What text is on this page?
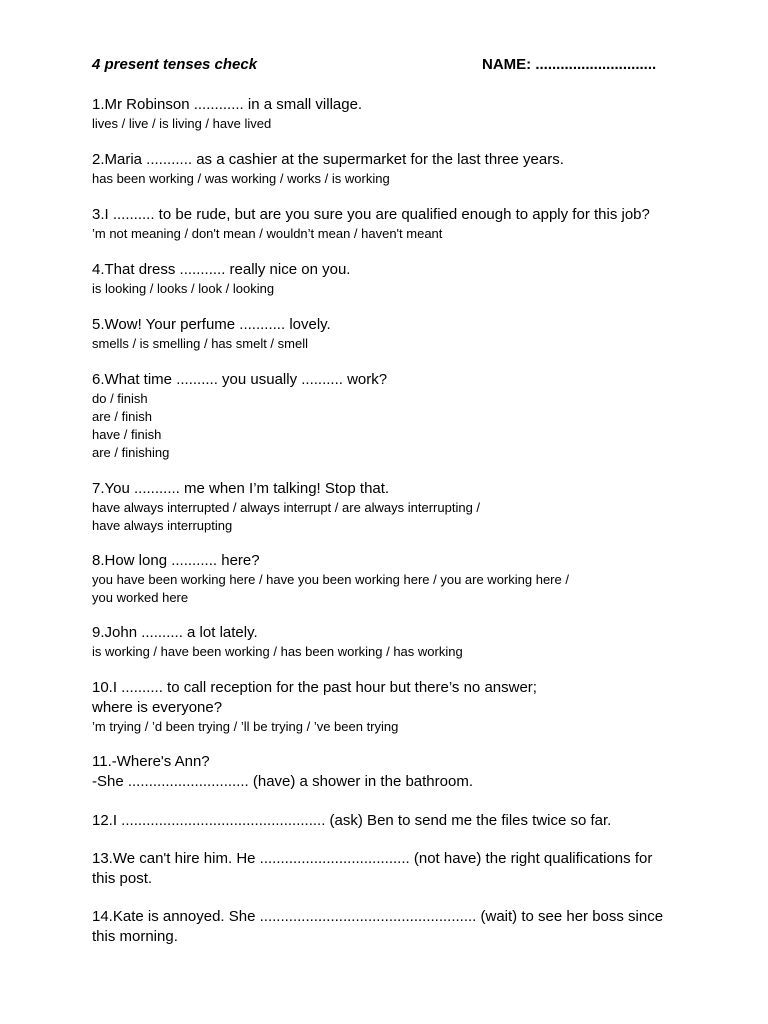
4 present tenses check	NAME: .............................
1.Mr Robinson ............ in a small village.
lives / live / is living / have lived
2.Maria ........... as a cashier at the supermarket for the last three years.
has been working / was working / works / is working
3.I .......... to be rude, but are you sure you are qualified enough to apply for this job?
’m not meaning / don't mean / wouldn’t mean / haven't meant
4.That dress ........... really nice on you.
is looking / looks / look / looking
5.Wow! Your perfume ........... lovely.
smells / is smelling / has smelt / smell
6.What time .......... you usually .......... work?
do / finish
are / finish
have / finish
are / finishing
7.You ........... me when I’m talking! Stop that.
have always interrupted / always interrupt / are always interrupting /
have always interrupting
8.How long ........... here?
you have been working here / have you been working here / you are working here /
you worked here
9.John .......... a lot lately.
is working / have been working / has been working / has working
10.I .......... to call reception for the past hour but there’s no answer;
where is everyone?
’m trying / ’d been trying / ’ll be trying / ’ve been trying
11.-Where's Ann?
-She ............................. (have) a shower in the bathroom.
12.I ................................................. (ask) Ben to send me the files twice so far.
13.We can't hire him. He .................................... (not have) the right qualifications for
this post.
14.Kate is annoyed. She .................................................... (wait) to see her boss since
this morning.
